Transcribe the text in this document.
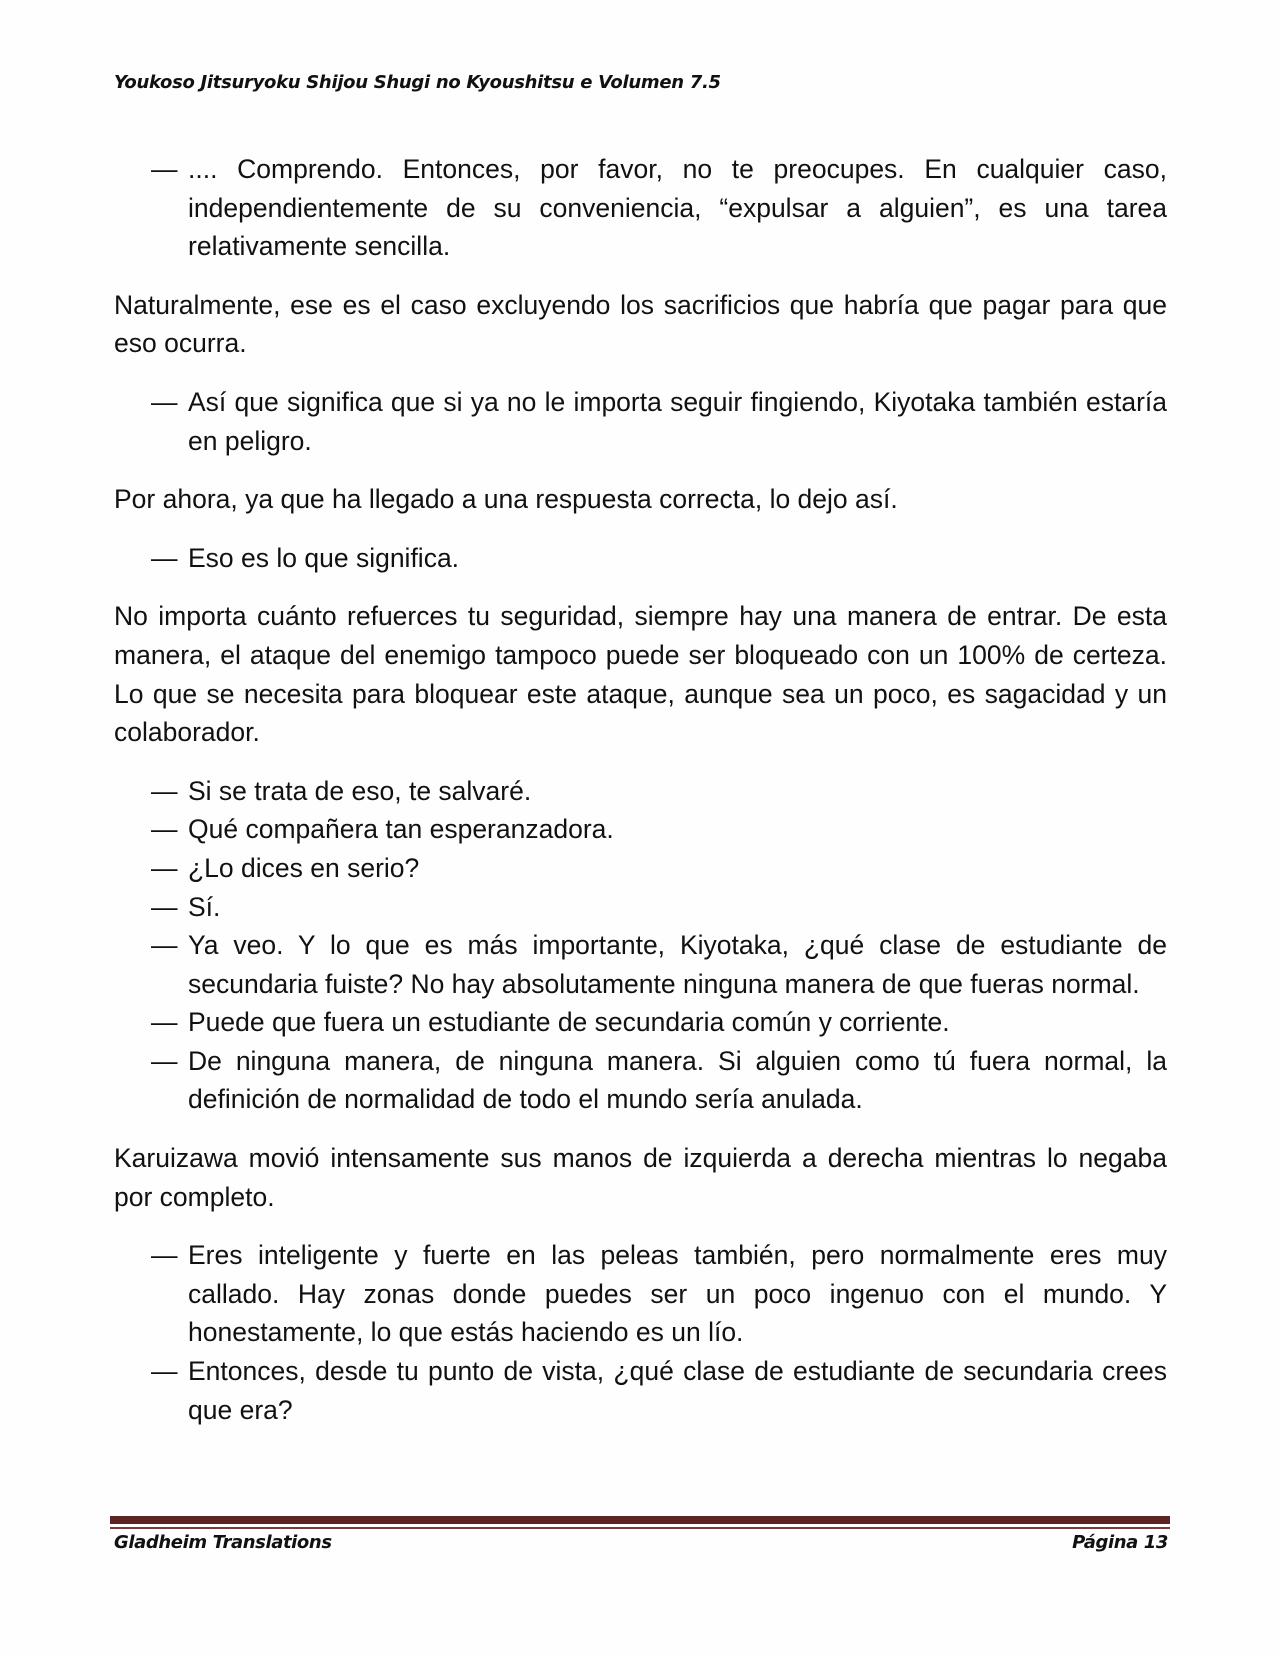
Youkoso Jitsuryoku Shijou Shugi no Kyoushitsu e Volumen 7.5

— .... Comprendo. Entonces, por favor, no te preocupes. En cualquier caso, independientemente de su conveniencia, “expulsar a alguien”, es una tarea relativamente sencilla.

Naturalmente, ese es el caso excluyendo los sacrificios que habría que pagar para que eso ocurra.

— Así que significa que si ya no le importa seguir fingiendo, Kiyotaka también estaría en peligro.

Por ahora, ya que ha llegado a una respuesta correcta, lo dejo así.

— Eso es lo que significa.

No importa cuánto refuerces tu seguridad, siempre hay una manera de entrar. De esta manera, el ataque del enemigo tampoco puede ser bloqueado con un 100% de certeza. Lo que se necesita para bloquear este ataque, aunque sea un poco, es sagacidad y un colaborador.

— Si se trata de eso, te salvaré.

— Qué compañera tan esperanzadora.

— ¿Lo dices en serio?

— Sí.

— Ya veo. Y lo que es más importante, Kiyotaka, ¿qué clase de estudiante de secundaria fuiste? No hay absolutamente ninguna manera de que fueras normal.

— Puede que fuera un estudiante de secundaria común y corriente.

— De ninguna manera, de ninguna manera. Si alguien como tú fuera normal, la definición de normalidad de todo el mundo sería anulada.

Karuizawa movió intensamente sus manos de izquierda a derecha mientras lo negaba por completo.

— Eres inteligente y fuerte en las peleas también, pero normalmente eres muy callado. Hay zonas donde puedes ser un poco ingenuo con el mundo. Y honestamente, lo que estás haciendo es un lío.

— Entonces, desde tu punto de vista, ¿qué clase de estudiante de secundaria crees que era?

Gladheim Translations	Página 13
